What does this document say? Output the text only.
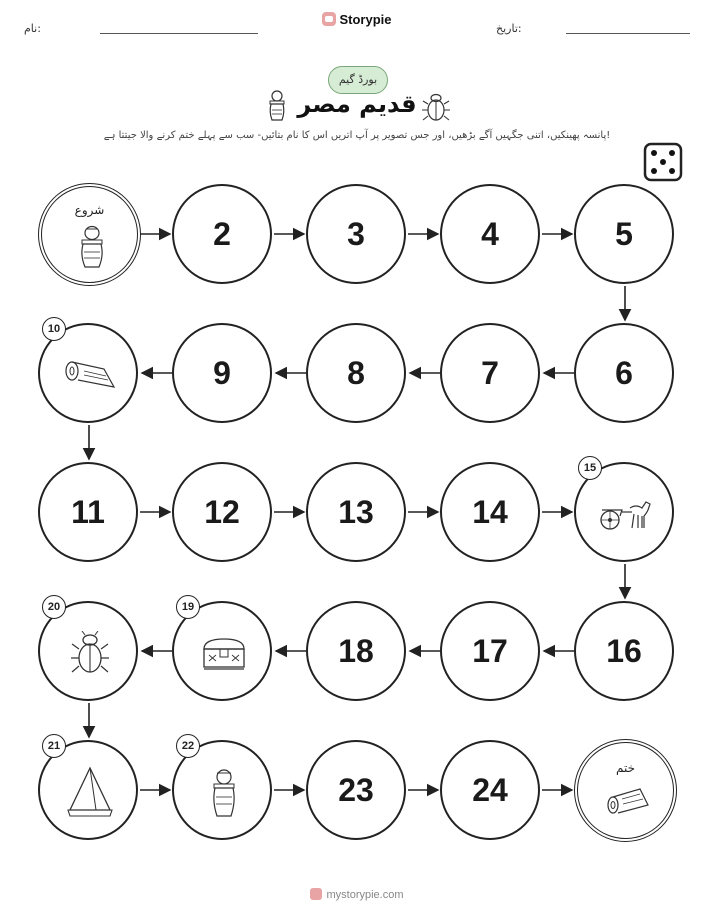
نام:	تاریخ:
Storypie
بورڈ گیم
قدیم مصر
پانسہ پھینکیں، اتنی جگہیں آگے بڑھیں، اور جس تصویر پر آپ اتریں اس کا نام بتائیں- سب سے پہلے ختم کرنے والا جیتتا ہے!
شروع
2	3	4	5
6
7
8
9
10
11	12	13	14
15
16
17
18
19
20
21	22
23	24
ختم
mystorypie.com
